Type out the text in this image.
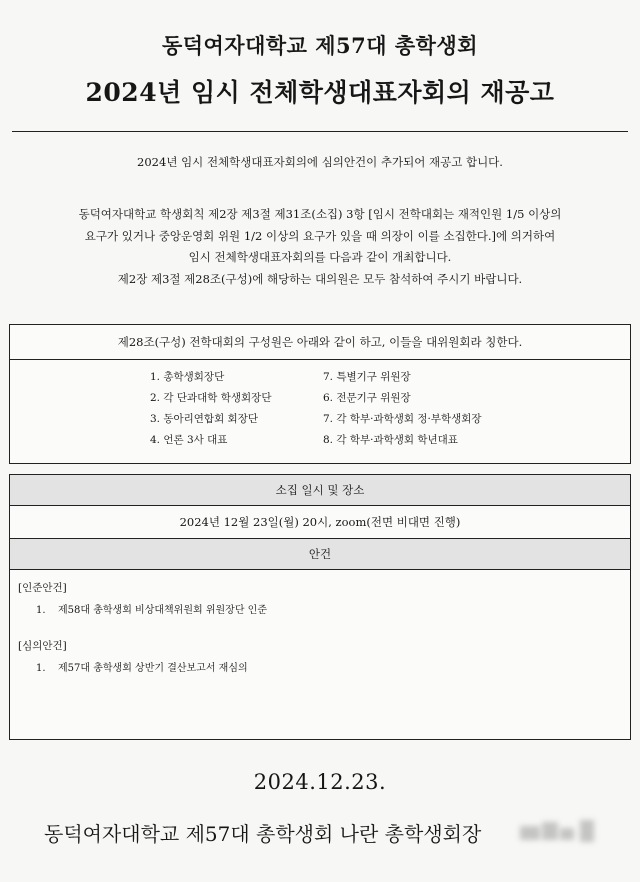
동덕여자대학교 제57대 총학생회
2024년 임시 전체학생대표자회의 재공고
2024년 임시 전체학생대표자회의에 심의안건이 추가되어 재공고 합니다.
동덕여자대학교 학생회칙 제2장 제3절 제31조(소집) 3항 [임시 전학대회는 재적인원 1/5 이상의
요구가 있거나 중앙운영회 위원 1/2 이상의 요구가 있을 때 의장이 이를 소집한다.]에 의거하여
임시 전체학생대표자회의를 다음과 같이 개최합니다.
제2장 제3절 제28조(구성)에 해당하는 대의원은 모두 참석하여 주시기 바랍니다.
제28조(구성) 전학대회의 구성원은 아래와 같이 하고, 이들을 대위원회라 칭한다.
1. 총학생회장단
2. 각 단과대학 학생회장단
3. 동아리연합회 회장단
4. 언론 3사 대표
7. 특별기구 위원장
6. 전문기구 위원장
7. 각 학부·과학생회 정·부학생회장
8. 각 학부·과학생회 학년대표
소집 일시 및 장소
2024년 12월 23일(월) 20시, zoom(전면 비대면 진행)
안건
[인준안건]
1. 제58대 총학생회 비상대책위원회 위원장단 인준
[심의안건]
1. 제57대 총학생회 상반기 결산보고서 재심의
2024.12.23.
동덕여자대학교 제57대 총학생회 나란 총학생회장
